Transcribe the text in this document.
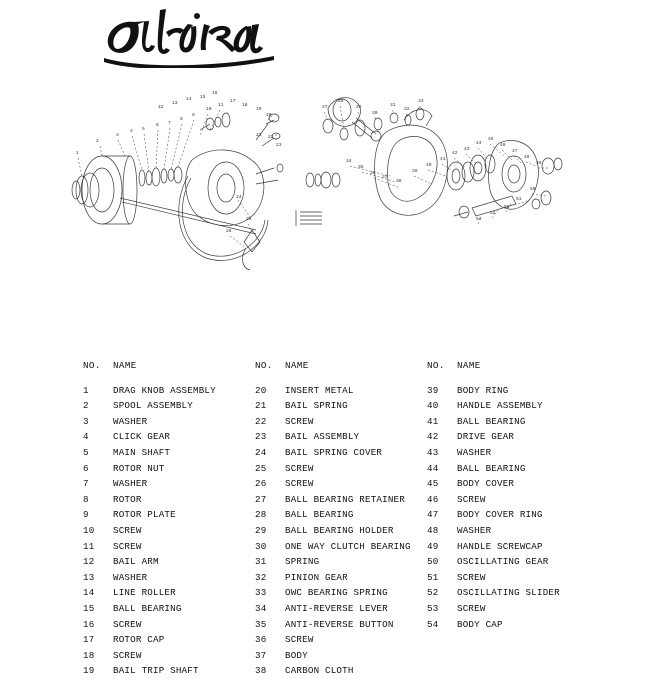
1
2
3
4 5
6 7
8
9
10
11
12
13
14 15
16
17
18
19
20
21 22
23
24
25
26
27
28
29
30
31
32
33
34
35
36
37
38
39
40
41
42
43
44
45
46
47
48
49
50
51
52
53
54
NO.	NAME
1	DRAG KNOB ASSEMBLY
2	SPOOL ASSEMBLY
3	WASHER
4	CLICK GEAR
5	MAIN SHAFT
6	ROTOR NUT
7	WASHER
8	ROTOR
9	ROTOR PLATE
10	SCREW
11	SCREW
12	BAIL ARM
13	WASHER
14	LINE ROLLER
15	BALL BEARING
16	SCREW
17	ROTOR CAP
18	SCREW
19	BAIL TRIP SHAFT
NO.	NAME
20	INSERT METAL
21	BAIL SPRING
22	SCREW
23	BAIL ASSEMBLY
24	BAIL SPRING COVER
25	SCREW
26	SCREW
27	BALL BEARING RETAINER
28	BALL BEARING
29	BALL BEARING HOLDER
30	ONE WAY CLUTCH BEARING
31	SPRING
32	PINION GEAR
33	OWC BEARING SPRING
34	ANTI-REVERSE LEVER
35	ANTI-REVERSE BUTTON
36	SCREW
37	BODY
38	CARBON CLOTH
NO.	NAME
39	BODY RING
40	HANDLE ASSEMBLY
41	BALL BEARING
42	DRIVE GEAR
43	WASHER
44	BALL BEARING
45	BODY COVER
46	SCREW
47	BODY COVER RING
48	WASHER
49	HANDLE SCREWCAP
50	OSCILLATING GEAR
51	SCREW
52	OSCILLATING SLIDER
53	SCREW
54	BODY CAP
